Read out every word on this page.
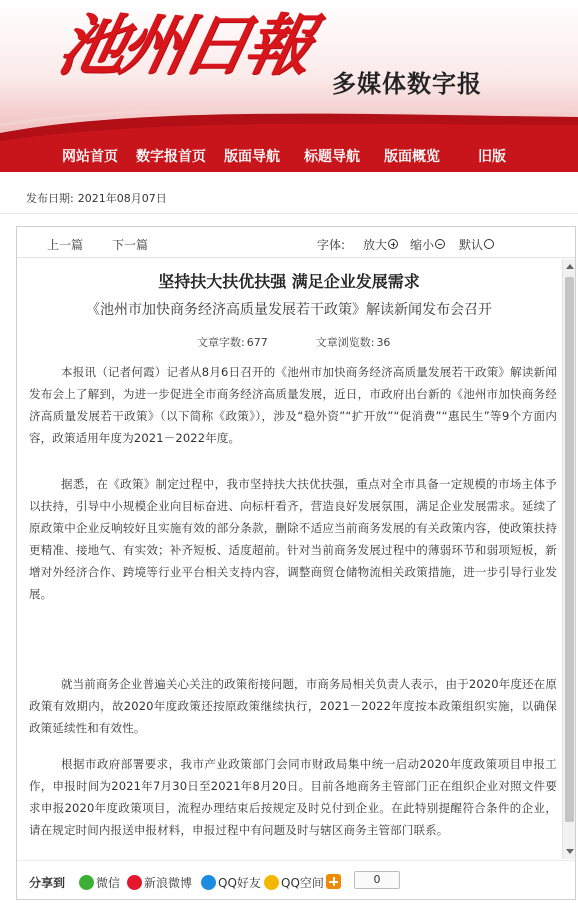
池州日報 多媒体数字报
网站首页 数字报首页 版面导航 标题导航 版面概览	旧版
发布日期: 2021年08月07日
上一篇 下一篇	字体: 放大	缩小	默认
坚持扶大扶优扶强 满足企业发展需求
《池州市加快商务经济高质量发展若干政策》解读新闻发布会召开
文章字数: 677	文章浏览数: 36

本报讯（记者何霞）记者从8月6日召开的《池州市加快商务经济高质量发展若干政策》解读新闻发布会上了解到，为进一步促进全市商务经济高质量发展，近日，市政府出台新的《池州市加快商务经济高质量发展若干政策》（以下简称《政策》），涉及“稳外资”“扩开放”“促消费”“惠民生”等9个方面内容，政策适用年度为2021－2022年度。

据悉，在《政策》制定过程中，我市坚持扶大扶优扶强，重点对全市具备一定规模的市场主体予以扶持，引导中小规模企业向目标奋进、向标杆看齐，营造良好发展氛围，满足企业发展需求。延续了原政策中企业反响较好且实施有效的部分条款，删除不适应当前商务发展的有关政策内容，使政策扶持更精准、接地气、有实效；补齐短板、适度超前。针对当前商务发展过程中的薄弱环节和弱项短板，新增对外经济合作、跨境等行业平台相关支持内容，调整商贸仓储物流相关政策措施，进一步引导行业发展。

就当前商务企业普遍关心关注的政策衔接问题，市商务局相关负责人表示，由于2020年度还在原政策有效期内，故2020年度政策还按原政策继续执行，2021－2022年度按本政策组织实施，以确保政策延续性和有效性。

根据市政府部署要求，我市产业政策部门会同市财政局集中统一启动2020年度政策项目申报工作，申报时间为2021年7月30日至2021年8月20日。目前各地商务主管部门正在组织企业对照文件要求申报2020年度政策项目，流程办理结束后按规定及时兑付到企业。在此特别提醒符合条件的企业，请在规定时间内报送申报材料，申报过程中有问题及时与辖区商务主管部门联系。

分享到	微信	新浪微博	QQ好友	QQ空间	0
